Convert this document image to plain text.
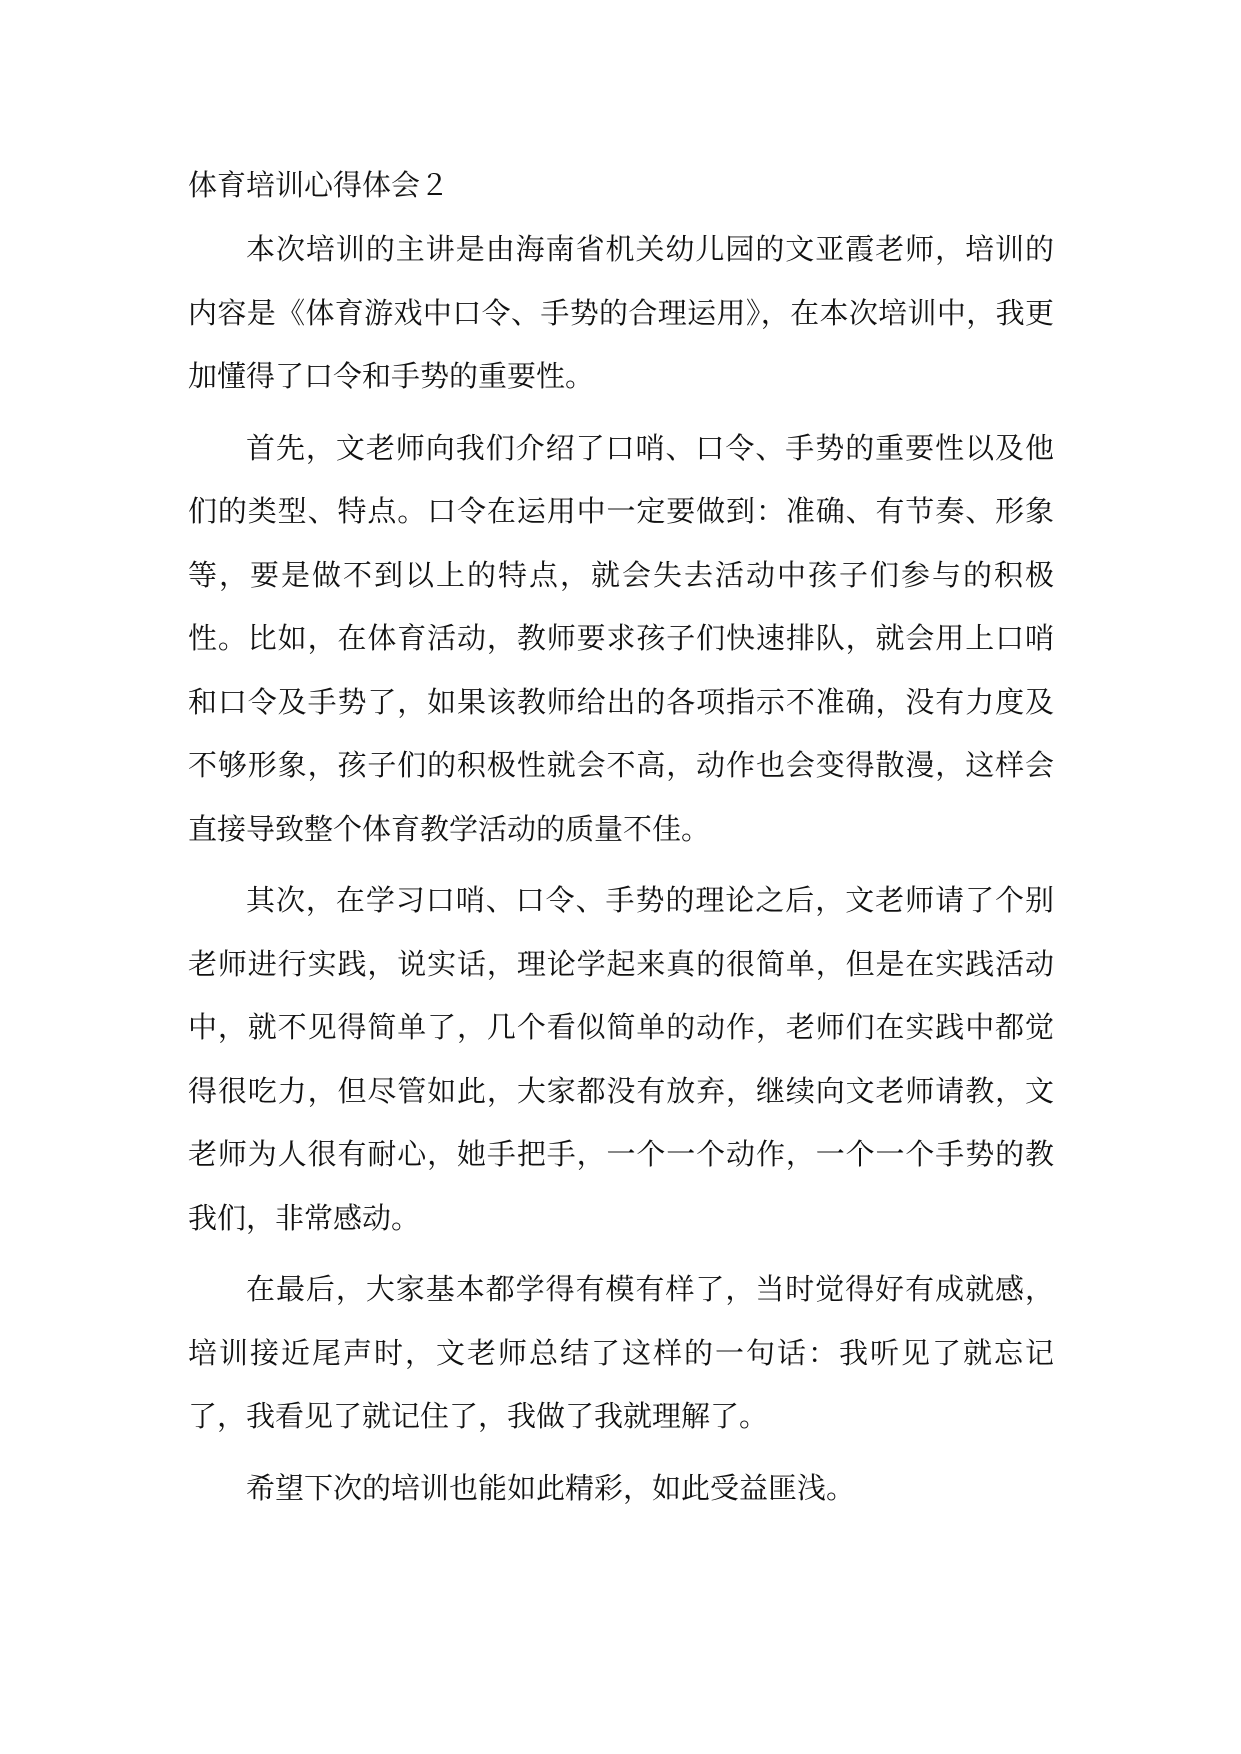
体育培训心得体会２

本次培训的主讲是由海南省机关幼儿园的文亚霞老师，培训的内容是《体育游戏中口令、手势的合理运用》，在本次培训中，我更加懂得了口令和手势的重要性。

首先，文老师向我们介绍了口哨、口令、手势的重要性以及他们的类型、特点。口令在运用中一定要做到：准确、有节奏、形象等，要是做不到以上的特点，就会失去活动中孩子们参与的积极性。比如，在体育活动，教师要求孩子们快速排队，就会用上口哨和口令及手势了，如果该教师给出的各项指示不准确，没有力度及不够形象，孩子们的积极性就会不高，动作也会变得散漫，这样会直接导致整个体育教学活动的质量不佳。

其次，在学习口哨、口令、手势的理论之后，文老师请了个别老师进行实践，说实话，理论学起来真的很简单，但是在实践活动中，就不见得简单了，几个看似简单的动作，老师们在实践中都觉得很吃力，但尽管如此，大家都没有放弃，继续向文老师请教，文老师为人很有耐心，她手把手，一个一个动作，一个一个手势的教我们，非常感动。

在最后，大家基本都学得有模有样了，当时觉得好有成就感，培训接近尾声时，文老师总结了这样的一句话：我听见了就忘记了，我看见了就记住了，我做了我就理解了。

希望下次的培训也能如此精彩，如此受益匪浅。
